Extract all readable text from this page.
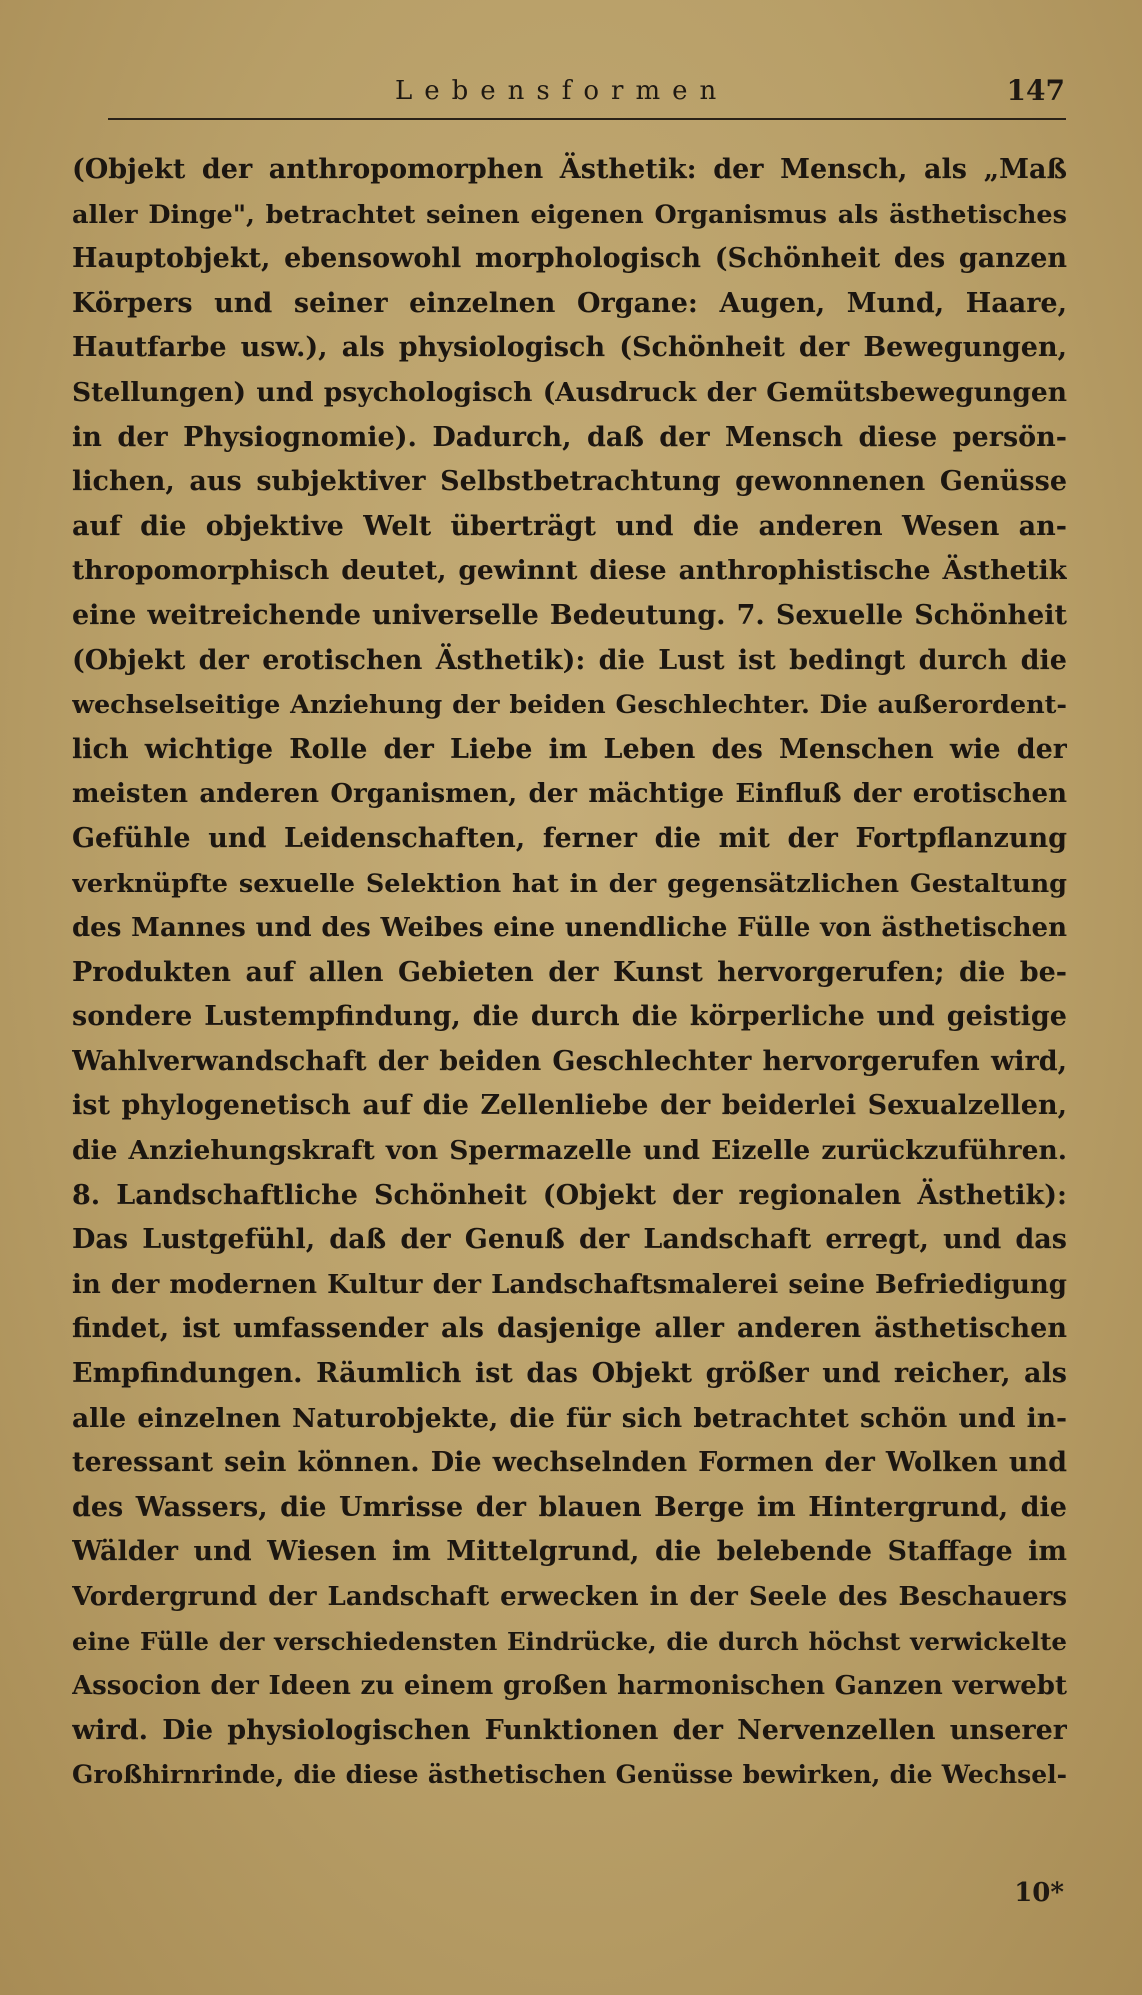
Lebensformen	147
(Objekt der anthropomorphen Ästhetik: der Mensch, als „Maß
aller Dinge", betrachtet seinen eigenen Organismus als ästhetisches
Hauptobjekt, ebensowohl morphologisch (Schönheit des ganzen
Körpers und seiner einzelnen Organe: Augen, Mund, Haare,
Hautfarbe usw.), als physiologisch (Schönheit der Bewegungen,
Stellungen) und psychologisch (Ausdruck der Gemütsbewegungen
in der Physiognomie). Dadurch, daß der Mensch diese persön-
lichen, aus subjektiver Selbstbetrachtung gewonnenen Genüsse
auf die objektive Welt überträgt und die anderen Wesen an-
thropomorphisch deutet, gewinnt diese anthrophistische Ästhetik
eine weitreichende universelle Bedeutung. 7. Sexuelle Schönheit
(Objekt der erotischen Ästhetik): die Lust ist bedingt durch die
wechselseitige Anziehung der beiden Geschlechter. Die außerordent-
lich wichtige Rolle der Liebe im Leben des Menschen wie der
meisten anderen Organismen, der mächtige Einfluß der erotischen
Gefühle und Leidenschaften, ferner die mit der Fortpflanzung
verknüpfte sexuelle Selektion hat in der gegensätzlichen Gestaltung
des Mannes und des Weibes eine unendliche Fülle von ästhetischen
Produkten auf allen Gebieten der Kunst hervorgerufen; die be-
sondere Lustempfindung, die durch die körperliche und geistige
Wahlverwandschaft der beiden Geschlechter hervorgerufen wird,
ist phylogenetisch auf die Zellenliebe der beiderlei Sexualzellen,
die Anziehungskraft von Spermazelle und Eizelle zurückzuführen.
8. Landschaftliche Schönheit (Objekt der regionalen Ästhetik):
Das Lustgefühl, daß der Genuß der Landschaft erregt, und das
in der modernen Kultur der Landschaftsmalerei seine Befriedigung
findet, ist umfassender als dasjenige aller anderen ästhetischen
Empfindungen. Räumlich ist das Objekt größer und reicher, als
alle einzelnen Naturobjekte, die für sich betrachtet schön und in-
teressant sein können. Die wechselnden Formen der Wolken und
des Wassers, die Umrisse der blauen Berge im Hintergrund, die
Wälder und Wiesen im Mittelgrund, die belebende Staffage im
Vordergrund der Landschaft erwecken in der Seele des Beschauers
eine Fülle der verschiedensten Eindrücke, die durch höchst verwickelte
Associon der Ideen zu einem großen harmonischen Ganzen verwebt
wird. Die physiologischen Funktionen der Nervenzellen unserer
Großhirnrinde, die diese ästhetischen Genüsse bewirken, die Wechsel-
10*
